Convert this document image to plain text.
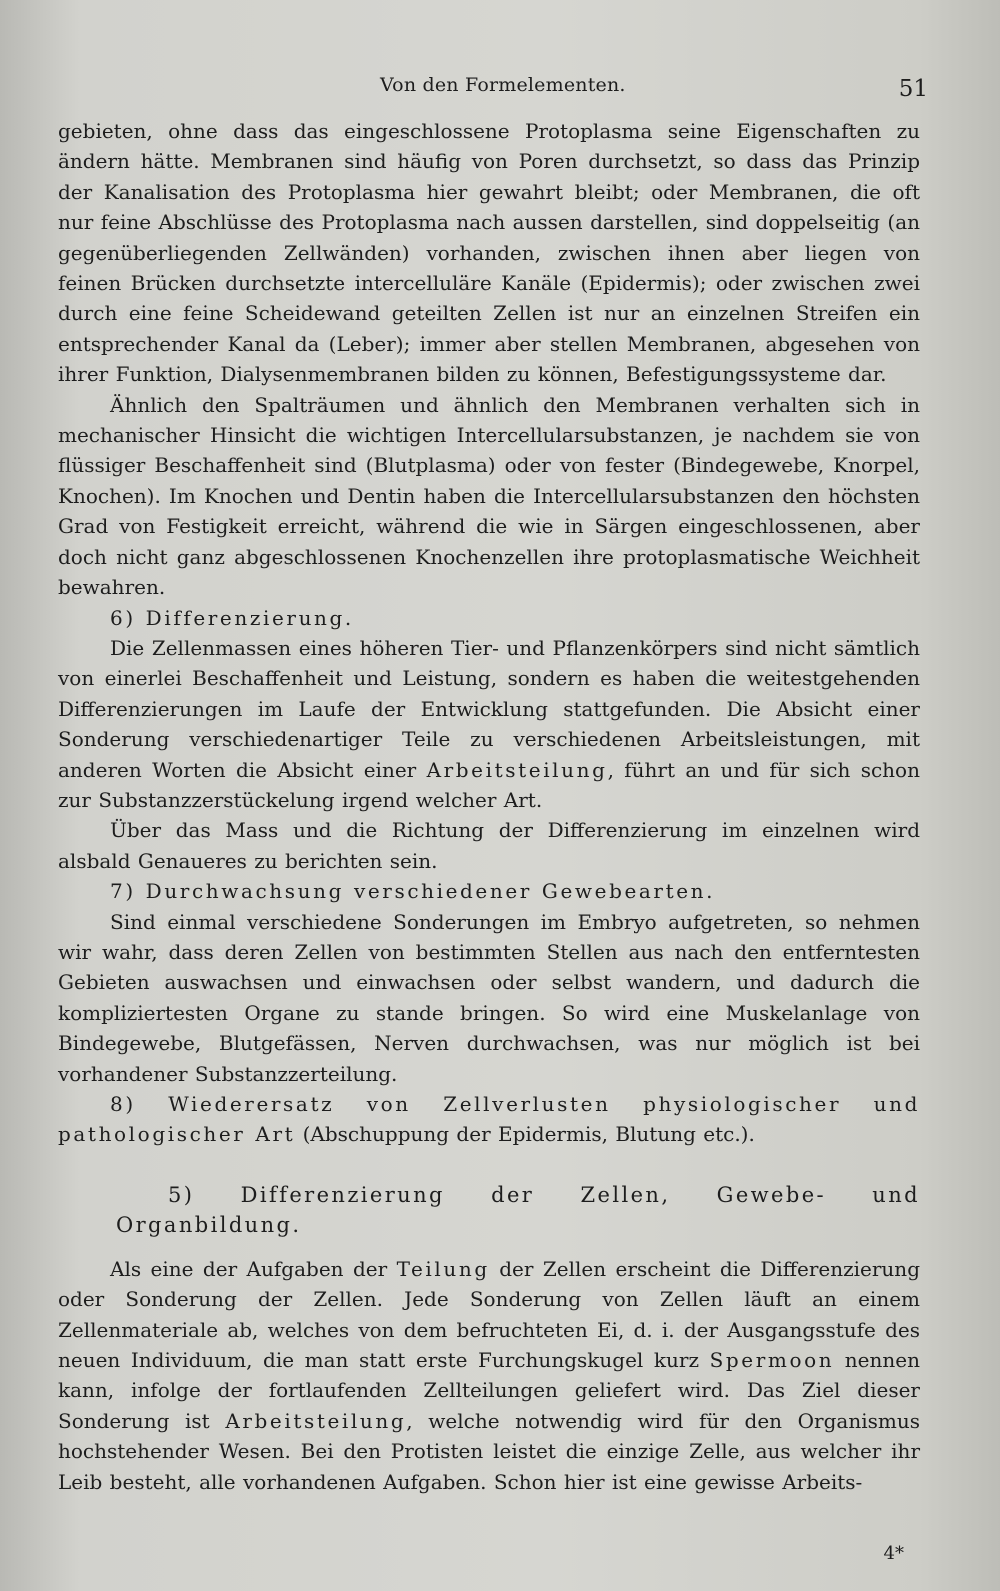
Von den Formelementen.	51

gebieten, ohne dass das eingeschlossene Protoplasma seine Eigenschaften zu ändern hätte. Membranen sind häufig von Poren durchsetzt, so dass das Prinzip der Kanalisation des Protoplasma hier gewahrt bleibt; oder Membranen, die oft nur feine Abschlüsse des Protoplasma nach aussen darstellen, sind doppelseitig (an gegenüberliegenden Zellwänden) vorhanden, zwischen ihnen aber liegen von feinen Brücken durchsetzte intercelluläre Kanäle (Epidermis); oder zwischen zwei durch eine feine Scheidewand geteilten Zellen ist nur an einzelnen Streifen ein entsprechender Kanal da (Leber); immer aber stellen Membranen, abgesehen von ihrer Funktion, Dialysenmembranen bilden zu können, Befestigungssysteme dar.

Ähnlich den Spalträumen und ähnlich den Membranen verhalten sich in mechanischer Hinsicht die wichtigen Intercellularsubstanzen, je nachdem sie von flüssiger Beschaffenheit sind (Blutplasma) oder von fester (Bindegewebe, Knorpel, Knochen). Im Knochen und Dentin haben die Intercellularsubstanzen den höchsten Grad von Festigkeit erreicht, während die wie in Särgen eingeschlossenen, aber doch nicht ganz abgeschlossenen Knochenzellen ihre protoplasmatische Weichheit bewahren.

6) Differenzierung.

Die Zellenmassen eines höheren Tier- und Pflanzenkörpers sind nicht sämtlich von einerlei Beschaffenheit und Leistung, sondern es haben die weitestgehenden Differenzierungen im Laufe der Entwicklung stattgefunden. Die Absicht einer Sonderung verschiedenartiger Teile zu verschiedenen Arbeitsleistungen, mit anderen Worten die Absicht einer Arbeitsteilung, führt an und für sich schon zur Substanzzerstückelung irgend welcher Art.

Über das Mass und die Richtung der Differenzierung im einzelnen wird alsbald Genaueres zu berichten sein.

7) Durchwachsung verschiedener Gewebearten.

Sind einmal verschiedene Sonderungen im Embryo aufgetreten, so nehmen wir wahr, dass deren Zellen von bestimmten Stellen aus nach den entferntesten Gebieten auswachsen und einwachsen oder selbst wandern, und dadurch die kompliziertesten Organe zu stande bringen. So wird eine Muskelanlage von Bindegewebe, Blutgefässen, Nerven durchwachsen, was nur möglich ist bei vorhandener Substanzzerteilung.

8) Wiederersatz von Zellverlusten physiologischer und pathologischer Art (Abschuppung der Epidermis, Blutung etc.).

5) Differenzierung der Zellen, Gewebe- und Organbildung.

Als eine der Aufgaben der Teilung der Zellen erscheint die Differenzierung oder Sonderung der Zellen. Jede Sonderung von Zellen läuft an einem Zellenmateriale ab, welches von dem befruchteten Ei, d. i. der Ausgangsstufe des neuen Individuum, die man statt erste Furchungskugel kurz Spermoon nennen kann, infolge der fortlaufenden Zellteilungen geliefert wird. Das Ziel dieser Sonderung ist Arbeitsteilung, welche notwendig wird für den Organismus hochstehender Wesen. Bei den Protisten leistet die einzige Zelle, aus welcher ihr Leib besteht, alle vorhandenen Aufgaben. Schon hier ist eine gewisse Arbeits-

4*
